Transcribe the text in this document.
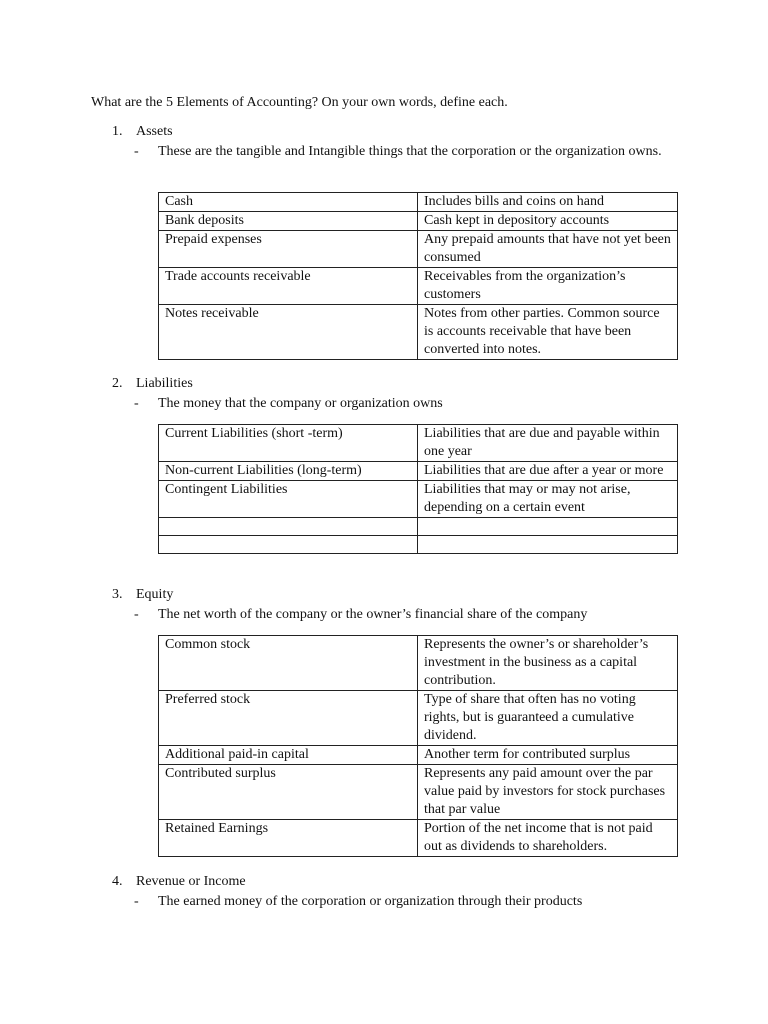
What are the 5 Elements of Accounting? On your own words, define each.
1. Assets
- These are the tangible and Intangible things that the corporation or the organization owns.
Cash	Includes bills and coins on hand
Bank deposits	Cash kept in depository accounts
Prepaid expenses	Any prepaid amounts that have not yet been consumed
Trade accounts receivable	Receivables from the organization’s customers
Notes receivable	Notes from other parties. Common source is accounts receivable that have been converted into notes.
2. Liabilities
- The money that the company or organization owns
Current Liabilities (short -term)	Liabilities that are due and payable within one year
Non-current Liabilities (long-term)	Liabilities that are due after a year or more
Contingent Liabilities	Liabilities that may or may not arise, depending on a certain event

3. Equity
- The net worth of the company or the owner’s financial share of the company
Common stock	Represents the owner’s or shareholder’s investment in the business as a capital contribution.
Preferred stock	Type of share that often has no voting rights, but is guaranteed a cumulative dividend.
Additional paid-in capital	Another term for contributed surplus
Contributed surplus	Represents any paid amount over the par value paid by investors for stock purchases that par value
Retained Earnings	Portion of the net income that is not paid out as dividends to shareholders.
4. Revenue or Income
- The earned money of the corporation or organization through their products
